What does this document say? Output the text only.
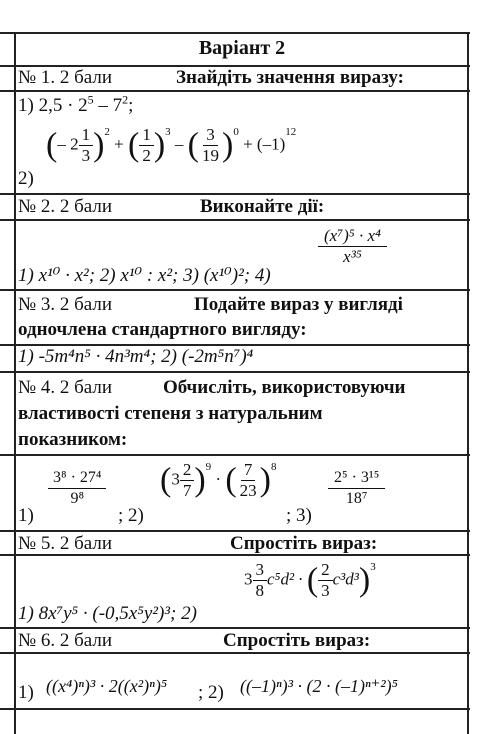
Варіант 2
№ 1. 2 бали	Знайдіть значення виразу:
1) $2,5 \cdot 2^5 - 7^2$;
2)
(– $2 \frac{1}{3} )^2$ + ( $\frac{1}{2} )^3$ – ( $\frac{3}{19} )^0 + (-1)^{12}$
№ 2. 2 бали	Виконайте дії:
1) x¹⁰ · x²; 2) x¹⁰ : x²; 3) (x¹⁰)²; 4)
$\frac{\text{(x⁷)⁵ · x⁴}}{\text{x³⁵}}$
№ 3. 2 бали	Подайте вираз у вигляді
одночлена стандартного вигляду:
1) -5m⁴n⁵ · 4n³m⁴; 2) (-2m⁵n⁷)⁴
№ 4. 2 бали	Обчисліть, використовуючи
властивості степеня з натуральним
показником:
1)
$\frac{\text{3⁸ · 27⁴}}{\text{9⁸}}$
; 2)
$(3 \frac{2}{7} )^9$ · ( $\frac{7}{23} )^8$
; 3)
$\frac{\text{2⁵ · 3¹⁵}}{\text{18⁷}}$
№ 5. 2 бали	Спростіть вираз:
1) 8x⁷y⁵ · (-0,5x⁵y²)³; 2)
$3 \frac{3}{8} c^5d^2$ · ( $\frac{2}{3} c^3d^3)^3$
№ 6. 2 бали	Спростіть вираз:
1) ((x⁴)ⁿ)³ · 2((x²)ⁿ)⁵ ; 2) ((–1)ⁿ)³ · (2 · (–1)ⁿ⁺²)⁵
